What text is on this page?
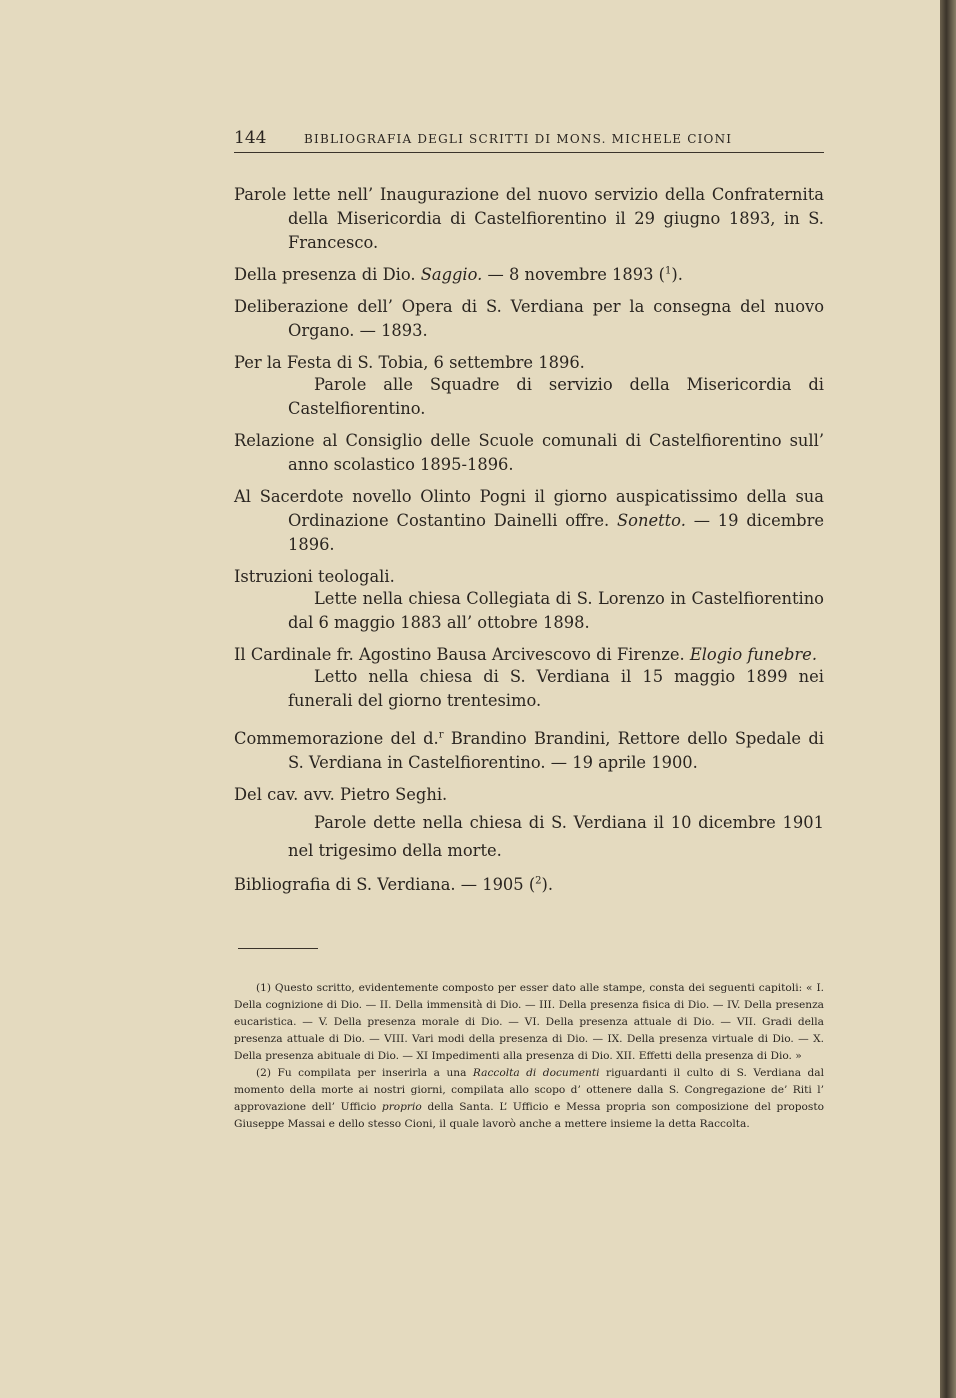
144	BIBLIOGRAFIA DEGLI SCRITTI DI MONS. MICHELE CIONI

Parole lette nell’ Inaugurazione del nuovo servizio della Confraternita della Misericordia di Castelfiorentino il 29 giugno 1893, in S. Francesco.

Della presenza di Dio. Saggio. — 8 novembre 1893 ($^1$).

Deliberazione dell’ Opera di S. Verdiana per la consegna del nuovo Organo. — 1893.

Per la Festa di S. Tobia, 6 settembre 1896.

Parole alle Squadre di servizio della Misericordia di Castelfiorentino.

Relazione al Consiglio delle Scuole comunali di Castelfiorentino sull’ anno scolastico 1895-1896.

Al Sacerdote novello Olinto Pogni il giorno auspicatissimo della sua Ordinazione Costantino Dainelli offre. Sonetto. — 19 dicembre 1896.

Istruzioni teologali.

Lette nella chiesa Collegiata di S. Lorenzo in Castelfiorentino dal 6 maggio 1883 all’ ottobre 1898.

Il Cardinale fr. Agostino Bausa Arcivescovo di Firenze. Elogio funebre.

Letto nella chiesa di S. Verdiana il 15 maggio 1899 nei funerali del giorno trentesimo.

Commemorazione del d.$^r$ Brandino Brandini, Rettore dello Spedale di S. Verdiana in Castelfiorentino. — 19 aprile 1900.

Del cav. avv. Pietro Seghi.

Parole dette nella chiesa di S. Verdiana il 10 dicembre 1901 nel trigesimo della morte.

Bibliografia di S. Verdiana. — 1905 ($^2$).

(1) Questo scritto, evidentemente composto per esser dato alle stampe, consta dei seguenti capitoli: « I. Della cognizione di Dio. — II. Della immensità di Dio. — III. Della presenza fisica di Dio. — IV. Della presenza eucaristica. — V. Della presenza morale di Dio. — VI. Della presenza attuale di Dio. — VII. Gradi della presenza attuale di Dio. — VIII. Vari modi della presenza di Dio. — IX. Della presenza virtuale di Dio. — X. Della presenza abituale di Dio. — XI Impedimenti alla presenza di Dio. XII. Effetti della presenza di Dio. »

(2) Fu compilata per inserirla a una Raccolta di documenti riguardanti il culto di S. Verdiana dal momento della morte ai nostri giorni, compilata allo scopo d’ ottenere dalla S. Congregazione de’ Riti l’ approvazione dell’ Ufficio proprio della Santa. L’ Ufficio e Messa propria son composizione del proposto Giuseppe Massai e dello stesso Cioni, il quale lavorò anche a mettere insieme la detta Raccolta.
